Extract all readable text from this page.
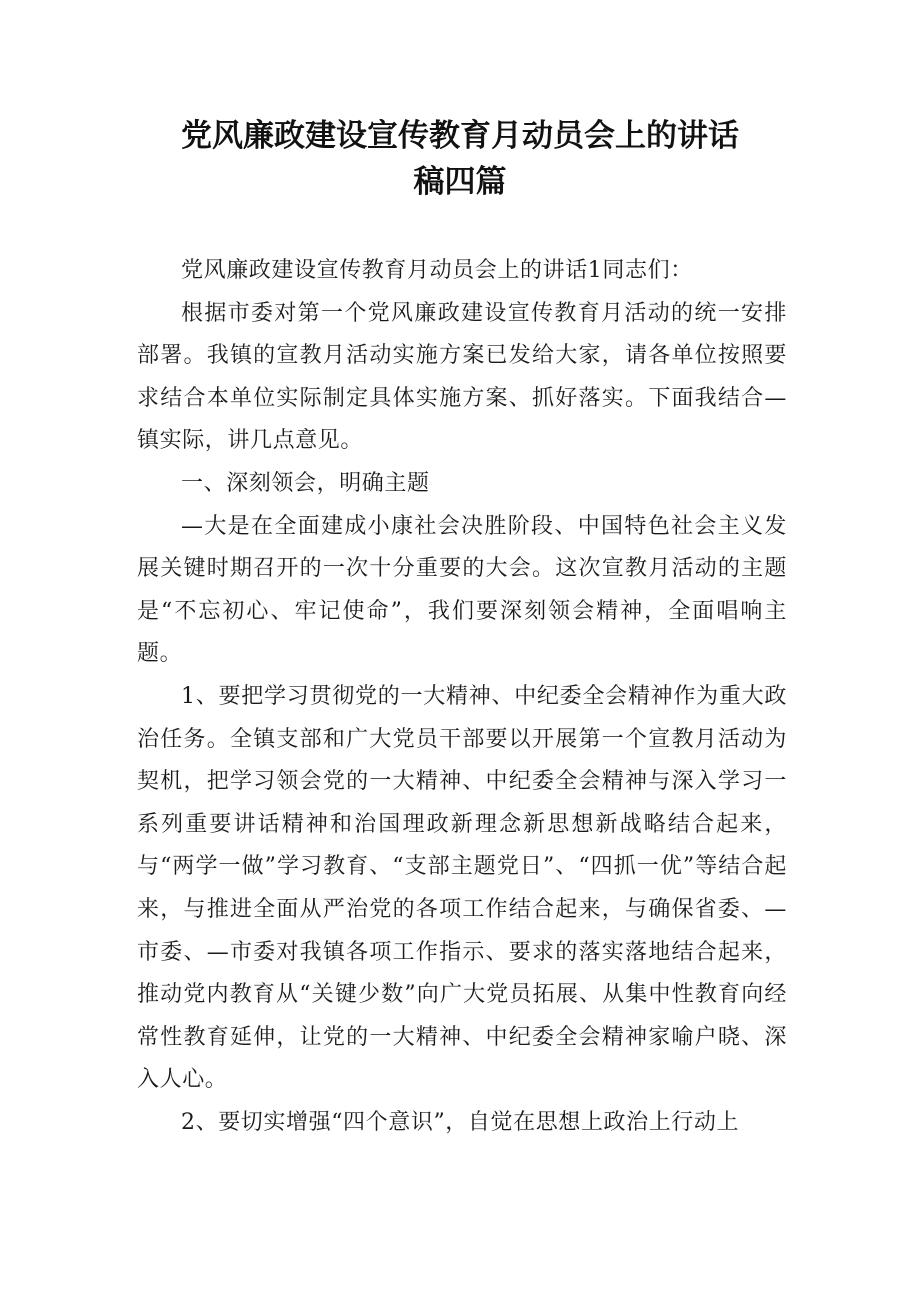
党风廉政建设宣传教育月动员会上的讲话
稿四篇

党风廉政建设宣传教育月动员会上的讲话1同志们：

根据市委对第一个党风廉政建设宣传教育月活动的统一安排部署。我镇的宣教月活动实施方案已发给大家，请各单位按照要求结合本单位实际制定具体实施方案、抓好落实。下面我结合—镇实际，讲几点意见。

一、深刻领会，明确主题

—大是在全面建成小康社会决胜阶段、中国特色社会主义发展关键时期召开的一次十分重要的大会。这次宣教月活动的主题是“不忘初心、牢记使命”，我们要深刻领会精神，全面唱响主题。

1、要把学习贯彻党的一大精神、中纪委全会精神作为重大政治任务。全镇支部和广大党员干部要以开展第一个宣教月活动为契机，把学习领会党的一大精神、中纪委全会精神与深入学习一系列重要讲话精神和治国理政新理念新思想新战略结合起来，与“两学一做”学习教育、“支部主题党日”、“四抓一优”等结合起来，与推进全面从严治党的各项工作结合起来，与确保省委、—市委、—市委对我镇各项工作指示、要求的落实落地结合起来，推动党内教育从“关键少数”向广大党员拓展、从集中性教育向经常性教育延伸，让党的一大精神、中纪委全会精神家喻户晓、深入人心。

2、要切实增强“四个意识”，自觉在思想上政治上行动上
